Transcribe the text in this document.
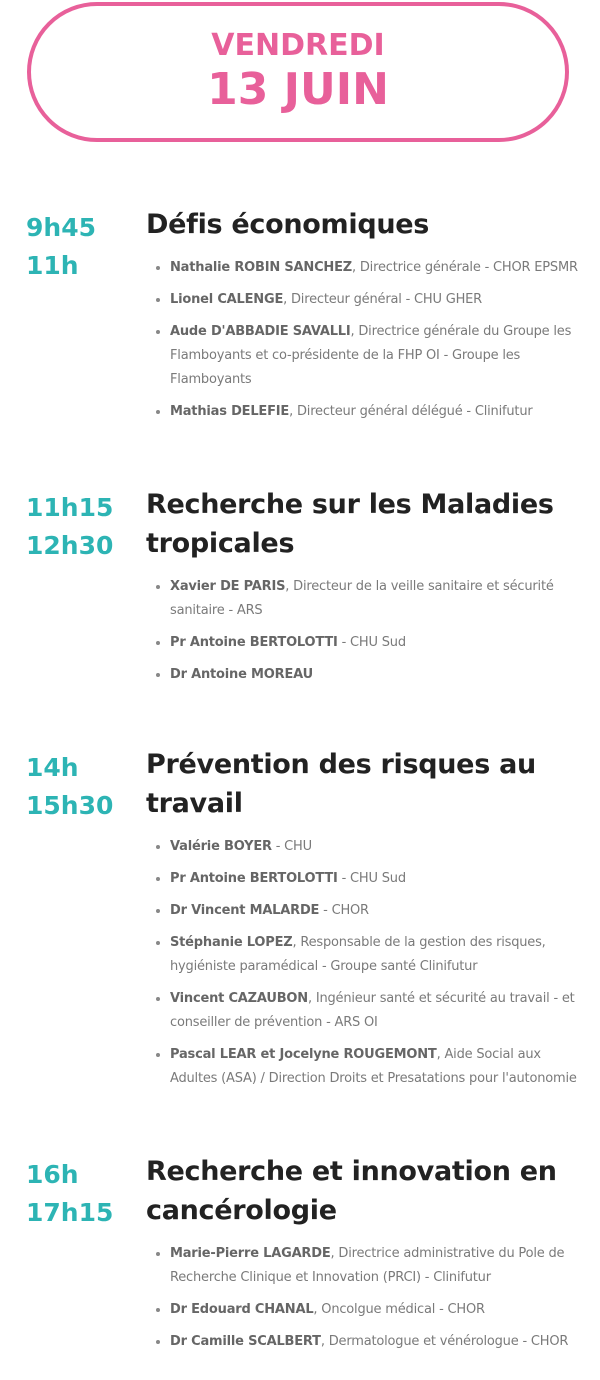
VENDREDI
13 JUIN
9h45
11h
Défis économiques
Nathalie ROBIN SANCHEZ, Directrice générale - CHOR EPSMR
Lionel CALENGE, Directeur général - CHU GHER
Aude D'ABBADIE SAVALLI, Directrice générale du Groupe les Flamboyants et co-présidente de la FHP OI - Groupe les Flamboyants
Mathias DELEFIE, Directeur général délégué - Clinifutur
11h15
12h30
Recherche sur les Maladies tropicales
Xavier DE PARIS, Directeur de la veille sanitaire et sécurité sanitaire - ARS
Pr Antoine BERTOLOTTI - CHU Sud
Dr Antoine MOREAU
14h
15h30
Prévention des risques au travail
Valérie BOYER - CHU
Pr Antoine BERTOLOTTI - CHU Sud
Dr Vincent MALARDE - CHOR
Stéphanie LOPEZ, Responsable de la gestion des risques, hygiéniste paramédical - Groupe santé Clinifutur
Vincent CAZAUBON, Ingénieur santé et sécurité au travail - et conseiller de prévention - ARS OI
Pascal LEAR et Jocelyne ROUGEMONT, Aide Social aux Adultes (ASA) / Direction Droits et Presatations pour l'autonomie
16h
17h15
Recherche et innovation en cancérologie
Marie-Pierre LAGARDE, Directrice administrative du Pole de Recherche Clinique et Innovation (PRCI) - Clinifutur
Dr Edouard CHANAL, Oncolgue médical - CHOR
Dr Camille SCALBERT, Dermatologue et vénérologue - CHOR
